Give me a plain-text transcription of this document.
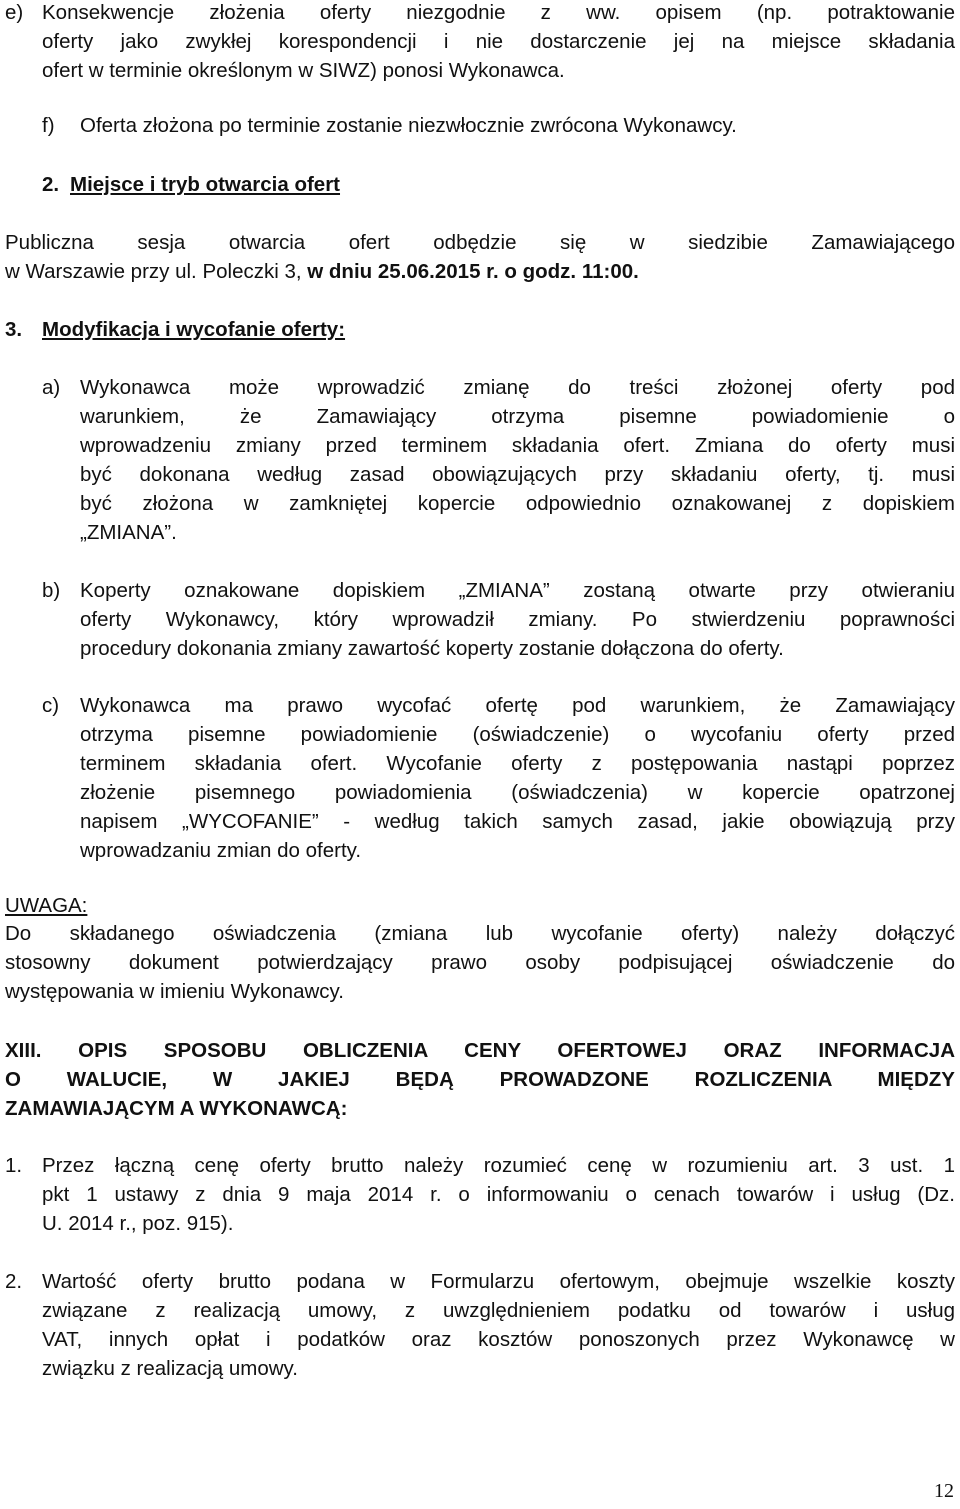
e) Konsekwencje złożenia oferty niezgodnie z ww. opisem (np. potraktowanie
oferty jako zwykłej korespondencji i nie dostarczenie jej na miejsce składania
ofert w terminie określonym w SIWZ) ponosi Wykonawca.
f) Oferta złożona po terminie zostanie niezwłocznie zwrócona Wykonawcy.
2. Miejsce i tryb otwarcia ofert
Publiczna sesja otwarcia ofert odbędzie się w siedzibie Zamawiającego
w Warszawie przy ul. Poleczki 3, w dniu 25.06.2015 r. o godz. 11:00.
3. Modyfikacja i wycofanie oferty:
a) Wykonawca może wprowadzić zmianę do treści złożonej oferty pod
warunkiem, że Zamawiający otrzyma pisemne powiadomienie o
wprowadzeniu zmiany przed terminem składania ofert. Zmiana do oferty musi
być dokonana według zasad obowiązujących przy składaniu oferty, tj. musi
być złożona w zamkniętej kopercie odpowiednio oznakowanej z dopiskiem
„ZMIANA”.
b) Koperty oznakowane dopiskiem „ZMIANA” zostaną otwarte przy otwieraniu
oferty Wykonawcy, który wprowadził zmiany. Po stwierdzeniu poprawności
procedury dokonania zmiany zawartość koperty zostanie dołączona do oferty.
c) Wykonawca ma prawo wycofać ofertę pod warunkiem, że Zamawiający
otrzyma pisemne powiadomienie (oświadczenie) o wycofaniu oferty przed
terminem składania ofert. Wycofanie oferty z postępowania nastąpi poprzez
złożenie pisemnego powiadomienia (oświadczenia) w kopercie opatrzonej
napisem „WYCOFANIE” - według takich samych zasad, jakie obowiązują przy
wprowadzaniu zmian do oferty.
UWAGA:
Do składanego oświadczenia (zmiana lub wycofanie oferty) należy dołączyć
stosowny dokument potwierdzający prawo osoby podpisującej oświadczenie do
występowania w imieniu Wykonawcy.
XIII. OPIS SPOSOBU OBLICZENIA CENY OFERTOWEJ ORAZ INFORMACJA
O WALUCIE, W JAKIEJ BĘDĄ PROWADZONE ROZLICZENIA MIĘDZY
ZAMAWIAJĄCYM A WYKONAWCĄ:
1. Przez łączną cenę oferty brutto należy rozumieć cenę w rozumieniu art. 3 ust. 1
pkt 1 ustawy z dnia 9 maja 2014 r. o informowaniu o cenach towarów i usług (Dz.
U. 2014 r., poz. 915).
2. Wartość oferty brutto podana w Formularzu ofertowym, obejmuje wszelkie koszty
związane z realizacją umowy, z uwzględnieniem podatku od towarów i usług
VAT, innych opłat i podatków oraz kosztów ponoszonych przez Wykonawcę w
związku z realizacją umowy.
12
